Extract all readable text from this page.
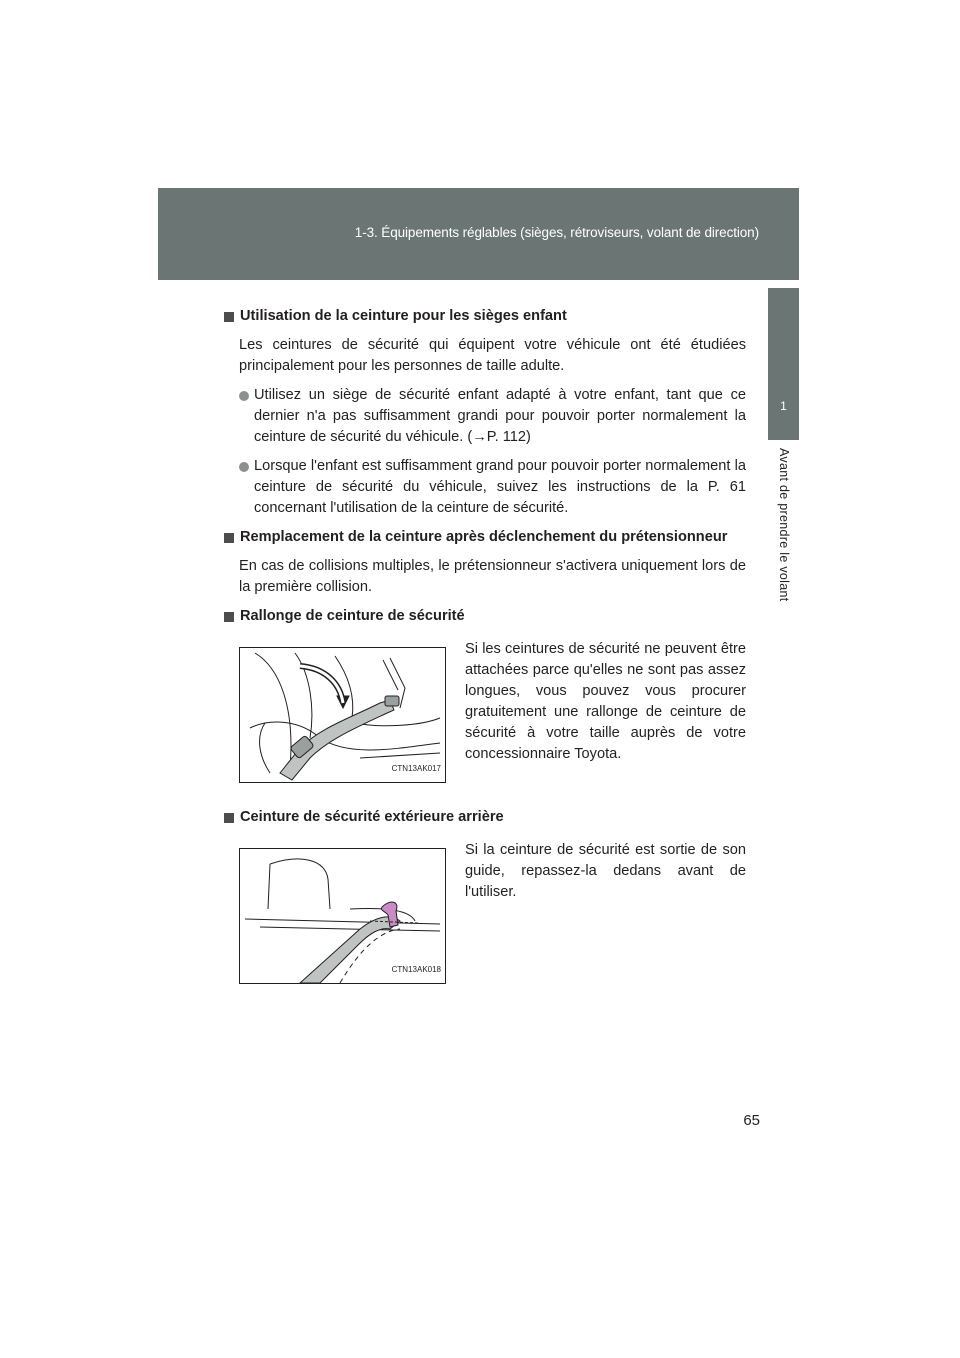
1-3. Équipements réglables (sièges, rétroviseurs, volant de direction)
1
Avant de prendre le volant
Utilisation de la ceinture pour les sièges enfant

Les ceintures de sécurité qui équipent votre véhicule ont été étudiées principalement pour les personnes de taille adulte.

Utilisez un siège de sécurité enfant adapté à votre enfant, tant que ce dernier n'a pas suffisamment grandi pour pouvoir porter normalement la ceinture de sécurité du véhicule. (→P. 112)
Lorsque l'enfant est suffisamment grand pour pouvoir porter normalement la ceinture de sécurité du véhicule, suivez les instructions de la P. 61 concernant l'utilisation de la ceinture de sécurité.
Remplacement de la ceinture après déclenchement du prétensionneur

En cas de collisions multiples, le prétensionneur s'activera uniquement lors de la première collision.

Rallonge de ceinture de sécurité
CTN13AK017
Si les ceintures de sécurité ne peuvent être attachées parce qu'elles ne sont pas assez longues, vous pouvez vous procurer gratuitement une rallonge de ceinture de sécurité à votre taille auprès de votre concessionnaire Toyota.
Ceinture de sécurité extérieure arrière
CTN13AK018
Si la ceinture de sécurité est sortie de son guide, repassez-la dedans avant de l'utiliser.
65
